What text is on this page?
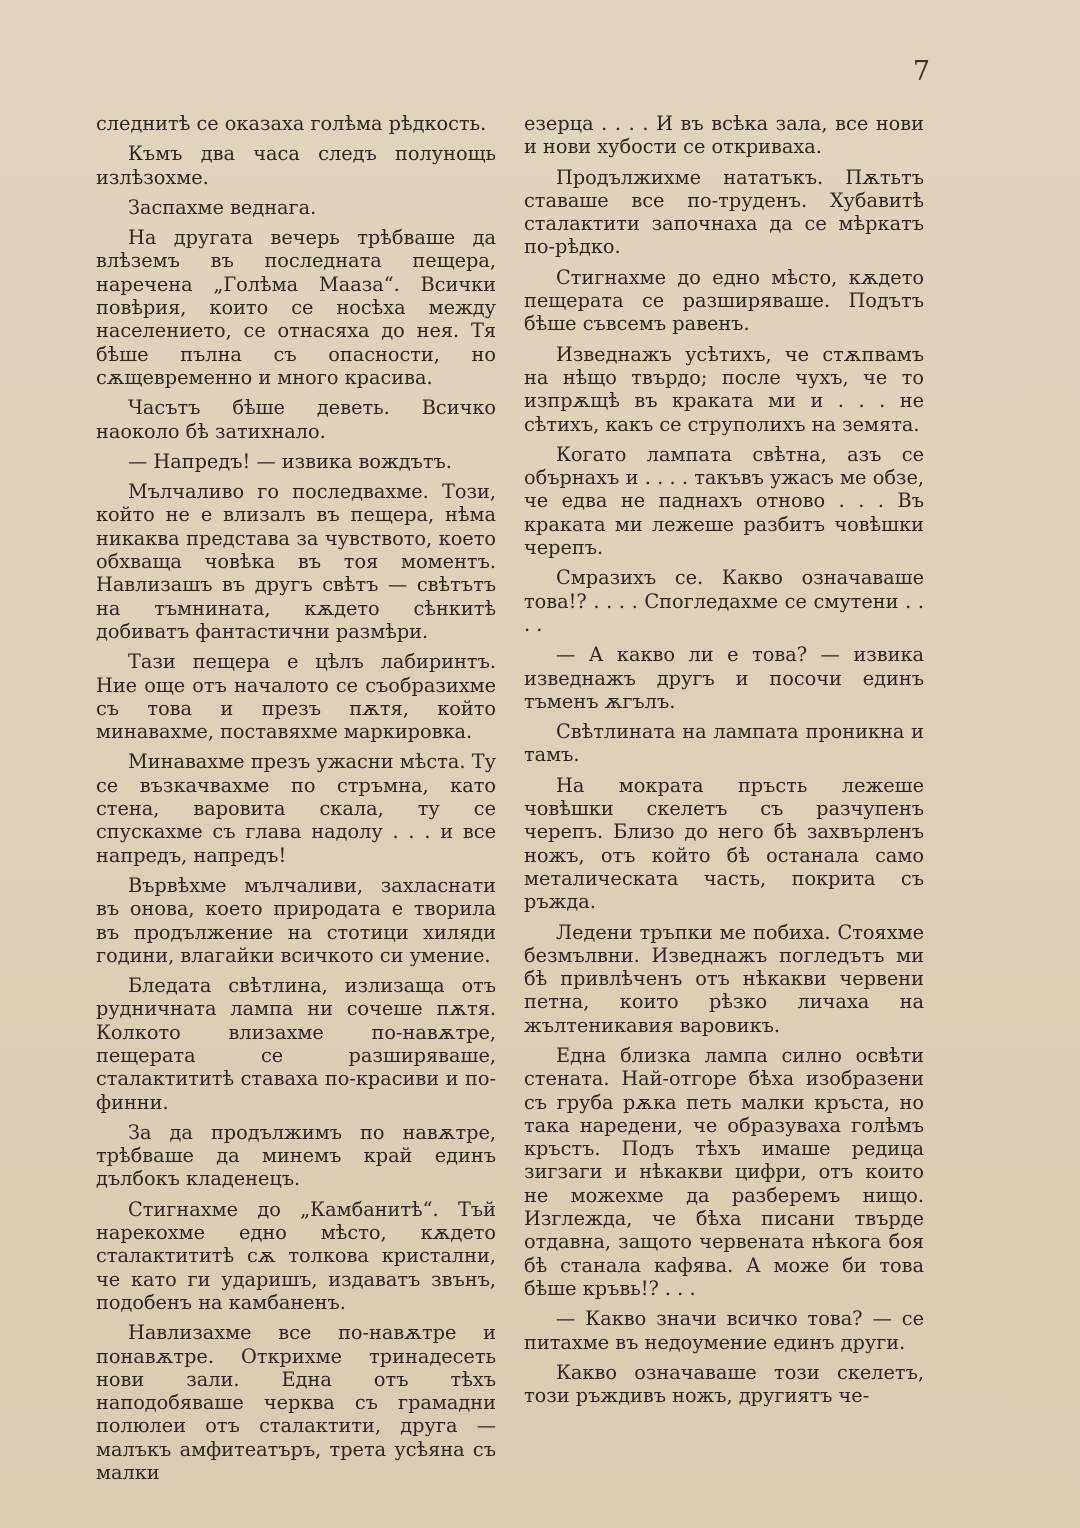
7

следнитѣ се оказаха голѣма рѣдкость.

Къмъ два часа следъ полунощь излѣзохме.

Заспахме веднага.

На другата вечерь трѣбваше да влѣземъ въ последната пещера, наречена „Голѣма Мааза“. Всички повѣрия, които се носѣха между населението, се отнасяха до нея. Тя бѣше пълна съ опасности, но сѫщевременно и много красива.

Часътъ бѣше деветь. Всичко наоколо бѣ затихнало.

— Напредъ! — извика вождътъ.

Мълчаливо го последвахме. Този, който не е влизалъ въ пещера, нѣма никаква представа за чувството, което обхваща човѣка въ тоя моментъ. Навлизашъ въ другъ свѣтъ — свѣтътъ на тъмнината, кѫдето сѣнкитѣ добиватъ фантастични размѣри.

Тази пещера е цѣлъ лабиринтъ. Ние още отъ началото се съобразихме съ това и презъ пѫтя, който минавахме, поставяхме маркировка.

Минавахме презъ ужасни мѣста. Ту се възкачвахме по стръмна, като стена, варовита скала, ту се спускахме съ глава надолу . . . и все напредъ, напредъ!

Вървѣхме мълчаливи, захласнати въ онова, което природата е творила въ продължение на стотици хиляди години, влагайки всичкото си умение.

Бледата свѣтлина, излизаща отъ рудничната лампа ни сочеше пѫтя. Колкото влизахме по-навѫтре, пещерата се разширяваше, сталактититѣ ставаха по-красиви и по-финни.

За да продължимъ по навѫтре, трѣбваше да минемъ край единъ дълбокъ кладенецъ.

Стигнахме до „Камбанитѣ“. Тъй нарекохме едно мѣсто, кѫдето сталактититѣ сѫ толкова кристални, че като ги ударишъ, издаватъ звънъ, подобенъ на камбаненъ.

Навлизахме все по-навѫтре и понавѫтре. Открихме тринадесеть нови зали. Една отъ тѣхъ наподобяваше черква съ грамадни полюлеи отъ сталактити, друга — малъкъ амфитеатъръ, трета усѣяна съ малки

езерца . . . . И въ всѣка зала, все нови и нови хубости се откриваха.

Продължихме нататъкъ. Пѫтьтъ ставаше все по-труденъ. Хубавитѣ сталактити започнаха да се мѣркатъ по-рѣдко.

Стигнахме до едно мѣсто, кѫдето пещерата се разширяваше. Подътъ бѣше съвсемъ равенъ.

Изведнажъ усѣтихъ, че стѫпвамъ на нѣщо твърдо; после чухъ, че то изпрѫщѣ въ краката ми и . . . не сѣтихъ, какъ се струполихъ на земята.

Когато лампата свѣтна, азъ се обърнахъ и . . . . такъвъ ужасъ ме обзе, че едва не паднахъ отново . . . Въ краката ми лежеше разбитъ човѣшки черепъ.

Смразихъ се. Какво означаваше това!? . . . . Спогледахме се смутени . . . .

— А какво ли е това? — извика изведнажъ другъ и посочи единъ тъменъ ѫгълъ.

Свѣтлината на лампата проникна и тамъ.

На мократа пръсть лежеше човѣшки скелетъ съ разчупенъ черепъ. Близо до него бѣ захвърленъ ножъ, отъ който бѣ останала само металическата часть, покрита съ ръжда.

Ледени тръпки ме побиха. Стояхме безмълвни. Изведнажъ погледътъ ми бѣ привлѣченъ отъ нѣкакви червени петна, които рѣзко личаха на жълтеникавия варовикъ.

Една близка лампа силно освѣти стената. Най-отгоре бѣха изобразени съ груба рѫка петь малки кръста, но така наредени, че образуваха голѣмъ кръстъ. Подъ тѣхъ имаше редица зигзаги и нѣкакви цифри, отъ които не можехме да разберемъ нищо. Изглежда, че бѣха писани твърде отдавна, защото червената нѣкога боя бѣ станала кафява. А може би това бѣше кръвь!? . . .

— Какво значи всичко това? — се питахме въ недоумение единъ други.

Какво означаваше този скелетъ, този ръждивъ ножъ, другиятъ че-
